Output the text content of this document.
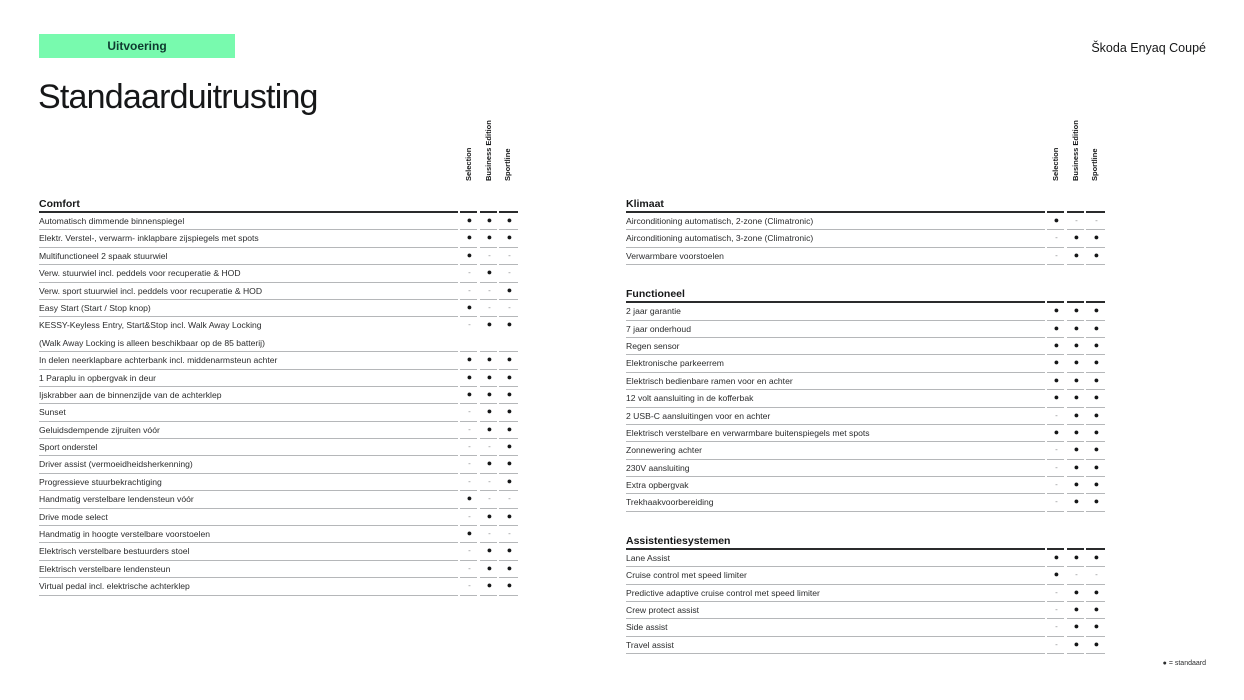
Uitvoering	Škoda Enyaq Coupé
Standaarduitrusting
Selection Business Edition Sportline
Comfort
Automatisch dimmende binnenspiegel	●	●	●
Elektr. Verstel-, verwarm- inklapbare zijspiegels met spots	●	●	●
Multifunctioneel 2 spaak stuurwiel	●	-	-
Verw. stuurwiel incl. peddels voor recuperatie & HOD	-	●	-
Verw. sport stuurwiel incl. peddels voor recuperatie & HOD	-	-	●
Easy Start (Start / Stop knop)	●	-	-
KESSY-Keyless Entry, Start&Stop incl. Walk Away Locking	-	●	●
(Walk Away Locking is alleen beschikbaar op de 85 batterij)
In delen neerklapbare achterbank incl. middenarmsteun achter	●	●	●
1 Paraplu in opbergvak in deur	●	●	●
Ijskrabber aan de binnenzijde van de achterklep	●	●	●
Sunset	-	●	●
Geluidsdempende zijruiten vóór	-	●	●
Sport onderstel	-	-	●
Driver assist (vermoeidheidsherkenning)	-	●	●
Progressieve stuurbekrachtiging	-	-	●
Handmatig verstelbare lendensteun vóór	●	-	-
Drive mode select	-	●	●
Handmatig in hoogte verstelbare voorstoelen	●	-	-
Elektrisch verstelbare bestuurders stoel	-	●	●
Elektrisch verstelbare lendensteun	-	●	●
Virtual pedal incl. elektrische achterklep	-	●	●
Selection Business Edition Sportline
Klimaat
Airconditioning automatisch, 2-zone (Climatronic)	●	-	-
Airconditioning automatisch, 3-zone (Climatronic)	-	●	●
Verwarmbare voorstoelen	-	●	●
Functioneel
2 jaar garantie	●	●	●
7 jaar onderhoud	●	●	●
Regen sensor	●	●	●
Elektronische parkeerrem	●	●	●
Elektrisch bedienbare ramen voor en achter	●	●	●
12 volt aansluiting in de kofferbak	●	●	●
2 USB-C aansluitingen voor en achter	-	●	●
Elektrisch verstelbare en verwarmbare buitenspiegels met spots	●	●	●
Zonnewering achter	-	●	●
230V aansluiting	-	●	●
Extra opbergvak	-	●	●
Trekhaakvoorbereiding	-	●	●
Assistentiesystemen
Lane Assist	●	●	●
Cruise control met speed limiter	●	-	-
Predictive adaptive cruise control met speed limiter	-	●	●
Crew protect assist	-	●	●
Side assist	-	●	●
Travel assist	-	●	●
● = standaard
